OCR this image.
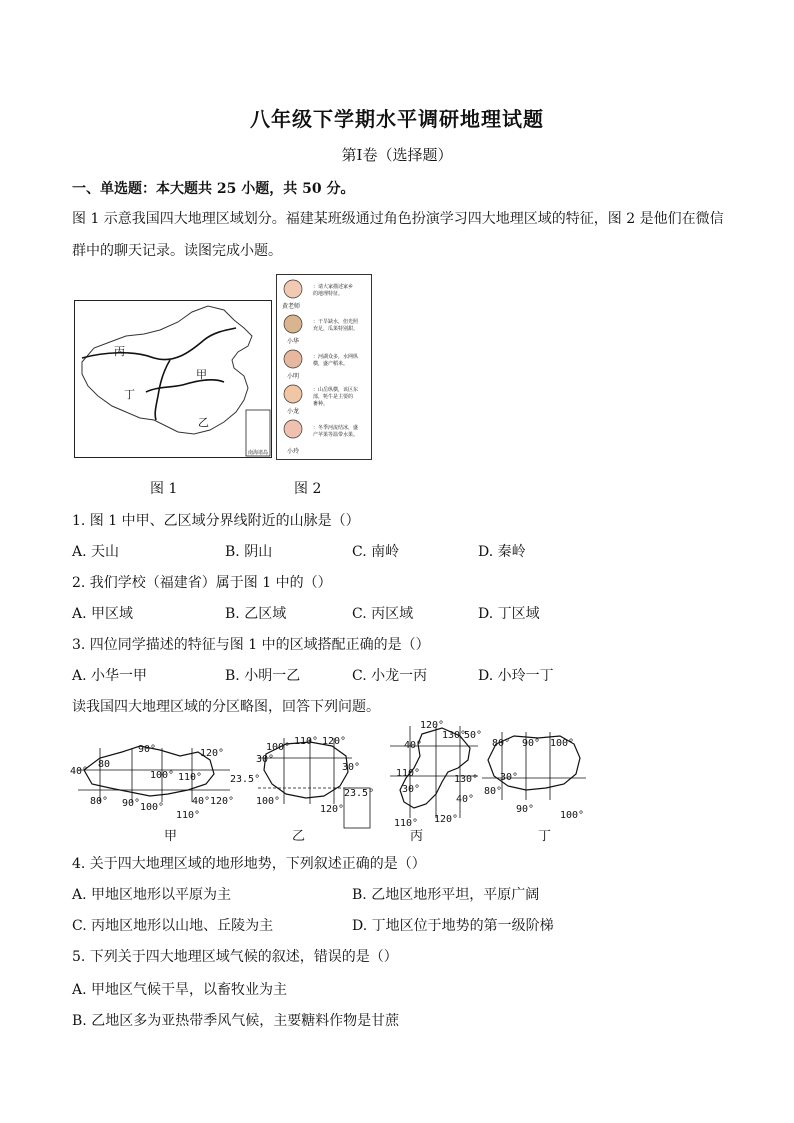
八年级下学期水平调研地理试题
第I卷（选择题）
一、单选题：本大题共 25 小题，共 50 分。
图 1 示意我国四大地理区域划分。福建某班级通过角色扮演学习四大地理区域的特征，图 2 是他们在微信
群中的聊天记录。读图完成小题。
南海诸岛
丙
甲
丁
乙
黄老师
：请大家描述家乡
的地理特征。
小华
：干旱缺水，但光照
充足，瓜果特别甜。
小明
：河湖众多，水网纵
横，盛产稻米。
小龙
：山岳纵横，该区东
部，牦牛是主要的
畜种。
小玲
：冬季河流结冰，盛
产苹果等温带水果。
图 1	图 2
1. 图 1 中甲、乙区域分界线附近的山脉是（）
A. 天山	B. 阴山	C. 南岭	D. 秦岭
2. 我们学校（福建省）属于图 1 中的（）
A. 甲区域	B. 乙区域	C. 丙区域	D. 丁区域
3. 四位同学描述的特征与图 1 中的区域搭配正确的是（）
A. 小华一甲	B. 小明一乙	C. 小龙一丙	D. 小玲一丁
读我国四大地理区域的分区略图，回答下列问题。
90°	120°
40°
80
100° 110°
80° 90° 100°
40° 120°
110°
甲
110° 120°
100°
30°
23.5°
30°
100°
120°
23.5°
乙
120°
130°
50°
40°
110°
30°
130°
40°
110° 120°
丙
80° 90° 100°
30°
80°
90°
100°
丁
4. 关于四大地理区域的地形地势，下列叙述正确的是（）
A. 甲地区地形以平原为主	B. 乙地区地形平坦，平原广阔
C. 丙地区地形以山地、丘陵为主	D. 丁地区位于地势的第一级阶梯
5. 下列关于四大地理区域气候的叙述，错误的是（）
A. 甲地区气候干旱，以畜牧业为主
B. 乙地区多为亚热带季风气候，主要糖料作物是甘蔗
